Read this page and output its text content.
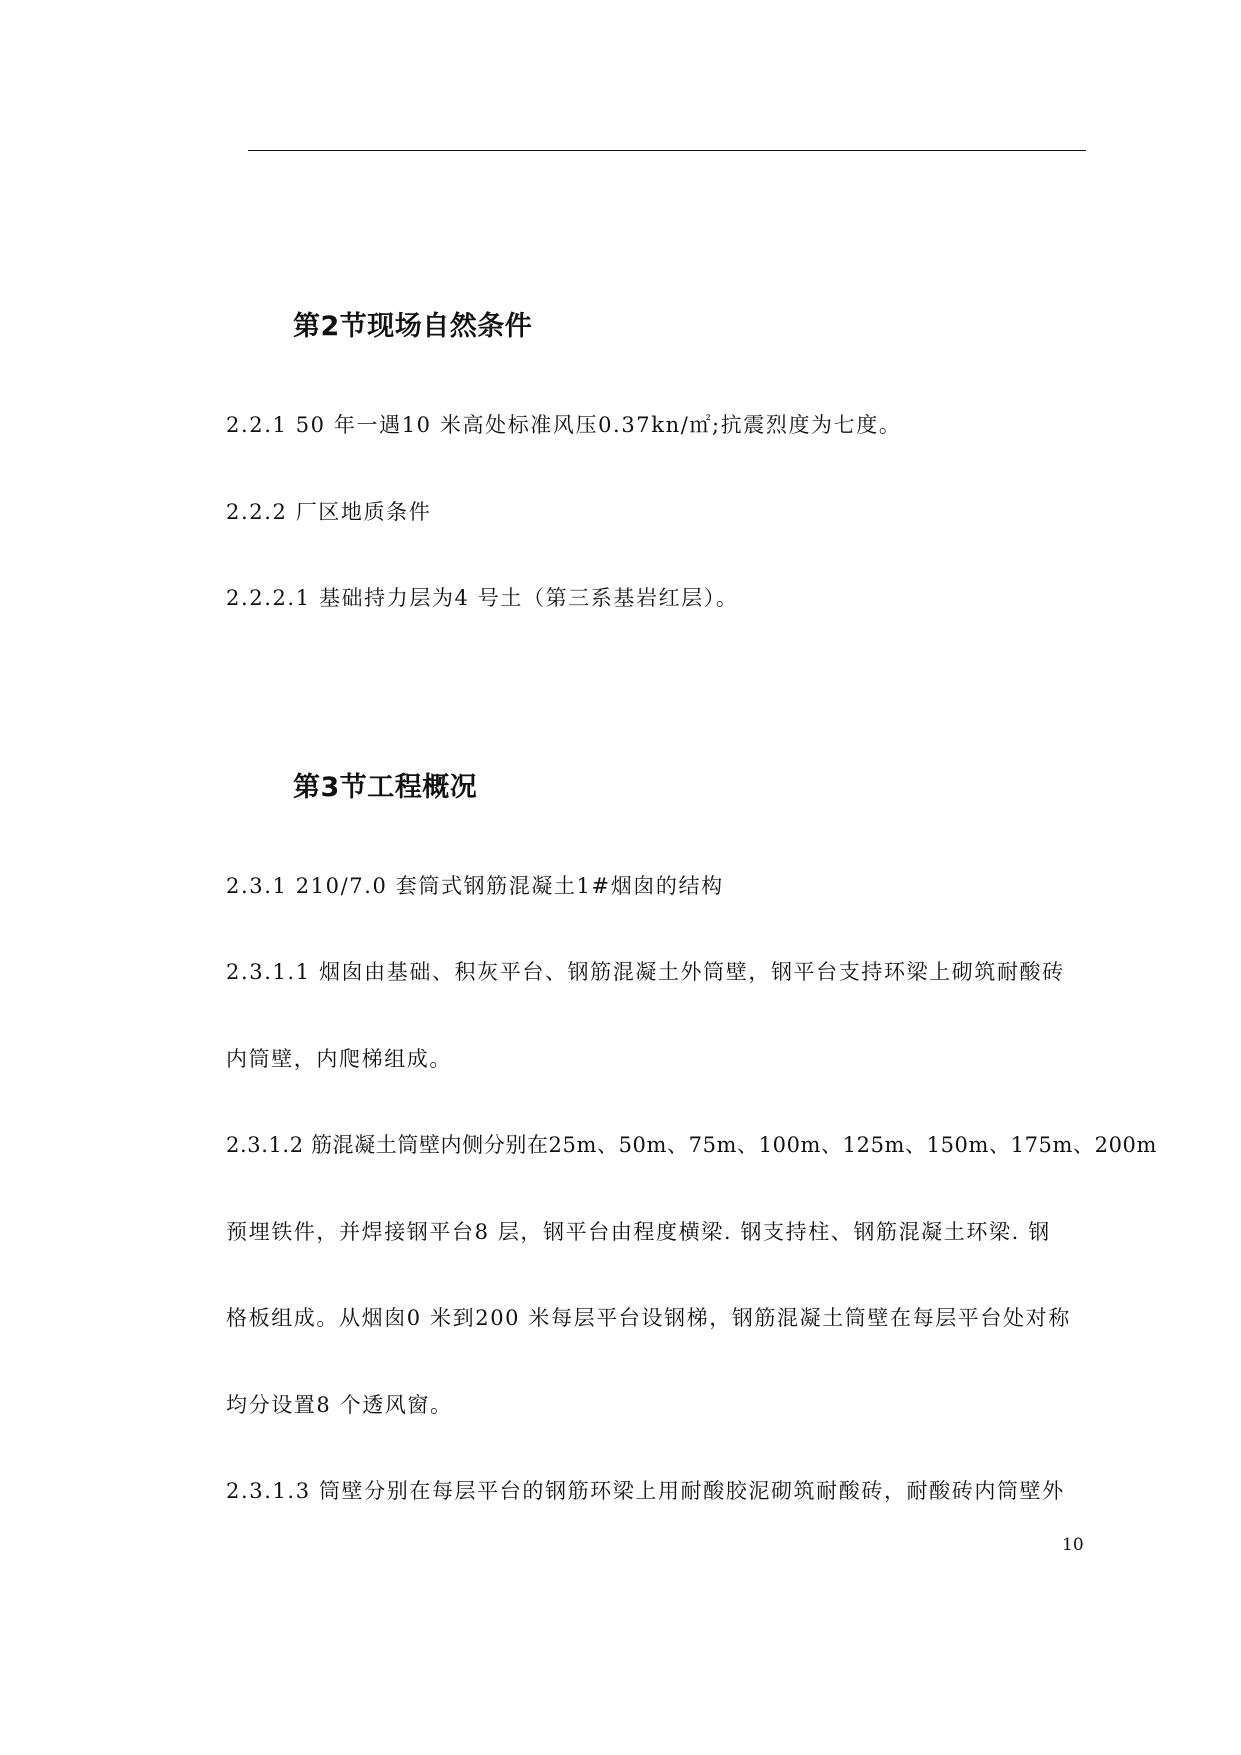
第2节现场自然条件
2.2.1 50 年一遇10 米高处标准风压0.37kn/㎡;抗震烈度为七度。
2.2.2 厂区地质条件
2.2.2.1 基础持力层为4 号土（第三系基岩红层）。
第3节工程概况
2.3.1 210/7.0 套筒式钢筋混凝土1#烟囱的结构
2.3.1.1 烟囱由基础、积灰平台、钢筋混凝土外筒壁，钢平台支持环梁上砌筑耐酸砖
内筒壁，内爬梯组成。
2.3.1.2 筋混凝土筒壁内侧分别在25m、50m、75m、100m、125m、150m、175m、200m
预埋铁件，并焊接钢平台8 层，钢平台由程度横梁. 钢支持柱、钢筋混凝土环梁. 钢
格板组成。从烟囱0 米到200 米每层平台设钢梯，钢筋混凝土筒壁在每层平台处对称
均分设置8 个透风窗。
2.3.1.3 筒壁分别在每层平台的钢筋环梁上用耐酸胶泥砌筑耐酸砖，耐酸砖内筒壁外
10
